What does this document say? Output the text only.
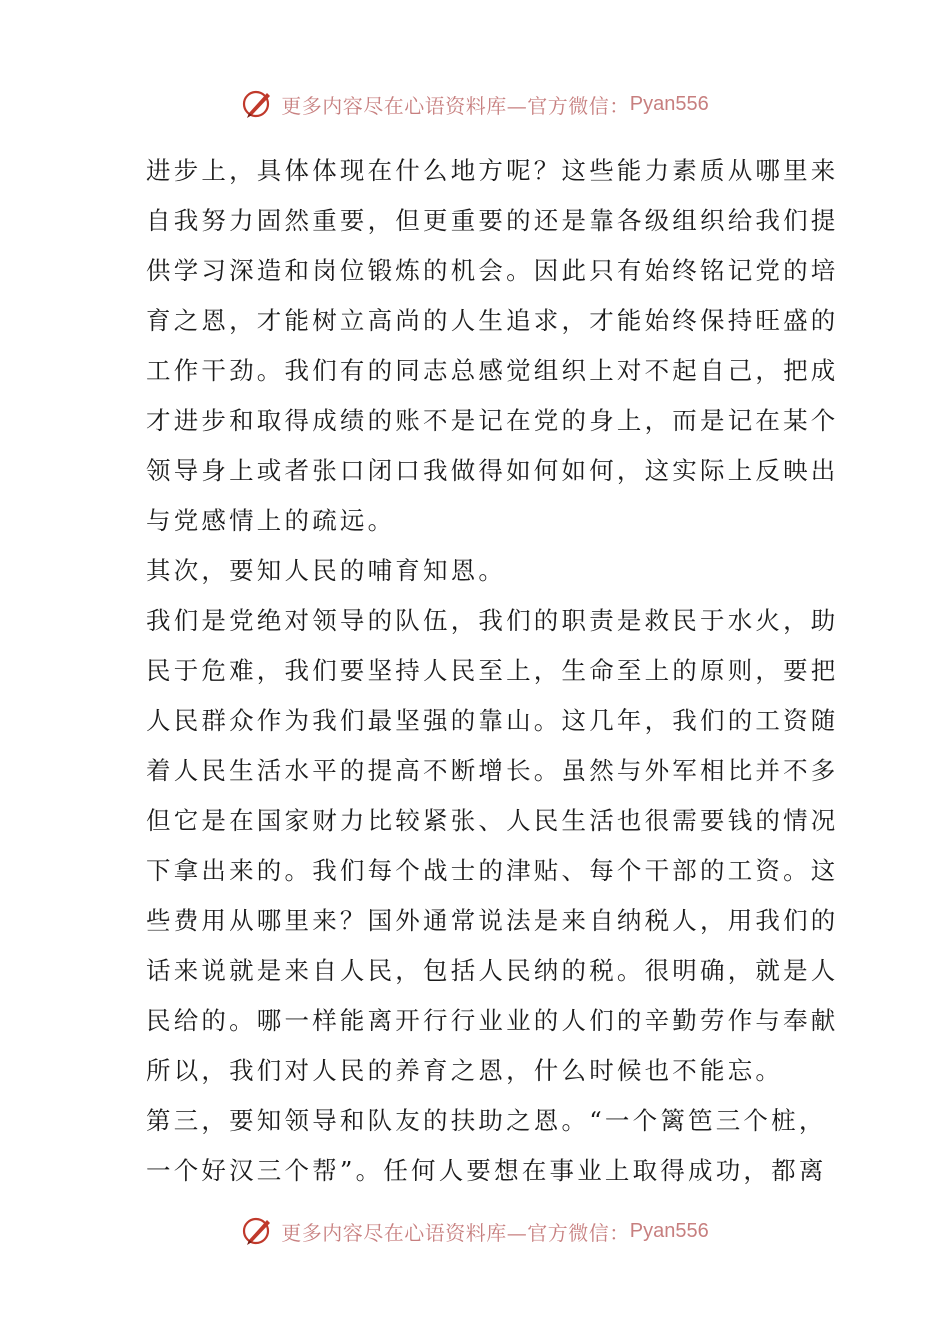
更多内容尽在心语资料库—官方微信： Pyan556
进步上，具体体现在什么地方呢？这些能力素质从哪里来
自我努力固然重要，但更重要的还是靠各级组织给我们提
供学习深造和岗位锻炼的机会。因此只有始终铭记党的培
育之恩，才能树立高尚的人生追求，才能始终保持旺盛的
工作干劲。我们有的同志总感觉组织上对不起自己，把成
才进步和取得成绩的账不是记在党的身上，而是记在某个
领导身上或者张口闭口我做得如何如何，这实际上反映出
与党感情上的疏远。
其次，要知人民的哺育知恩。
我们是党绝对领导的队伍，我们的职责是救民于水火，助
民于危难，我们要坚持人民至上，生命至上的原则，要把
人民群众作为我们最坚强的靠山。这几年，我们的工资随
着人民生活水平的提高不断增长。虽然与外军相比并不多
但它是在国家财力比较紧张、人民生活也很需要钱的情况
下拿出来的。我们每个战士的津贴、每个干部的工资。这
些费用从哪里来？国外通常说法是来自纳税人，用我们的
话来说就是来自人民，包括人民纳的税。很明确，就是人
民给的。哪一样能离开行行业业的人们的辛勤劳作与奉献
所以，我们对人民的养育之恩，什么时候也不能忘。
第三，要知领导和队友的扶助之恩。“一个篱笆三个桩，
一个好汉三个帮”。任何人要想在事业上取得成功，都离
更多内容尽在心语资料库—官方微信： Pyan556
